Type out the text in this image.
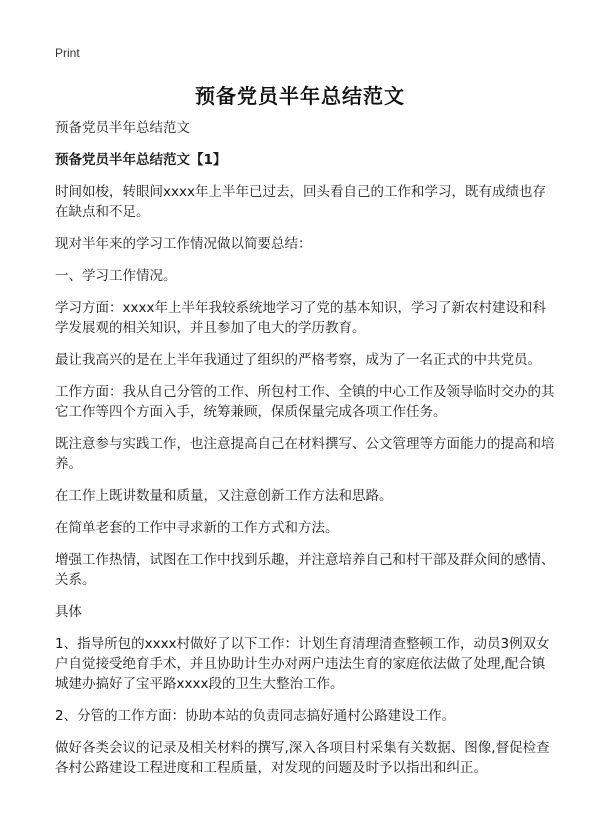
Print
预备党员半年总结范文

预备党员半年总结范文

预备党员半年总结范文【1】

时间如梭，转眼间xxxx年上半年已过去，回头看自己的工作和学习，既有成绩也存在缺点和不足。

现对半年来的学习工作情况做以简要总结：

一、学习工作情况。

学习方面：xxxx年上半年我较系统地学习了党的基本知识，学习了新农村建设和科学发展观的相关知识，并且参加了电大的学历教育。

最让我高兴的是在上半年我通过了组织的严格考察，成为了一名正式的中共党员。

工作方面：我从自己分管的工作、所包村工作、全镇的中心工作及领导临时交办的其它工作等四个方面入手，统筹兼顾，保质保量完成各项工作任务。

既注意参与实践工作，也注意提高自己在材料撰写、公文管理等方面能力的提高和培养。

在工作上既讲数量和质量，又注意创新工作方法和思路。

在简单老套的工作中寻求新的工作方式和方法。

增强工作热情，试图在工作中找到乐趣，并注意培养自己和村干部及群众间的感情、关系。

具体

1、指导所包的xxxx村做好了以下工作：计划生育清理清查整顿工作，动员3例双女户自觉接受绝育手术，并且协助计生办对两户违法生育的家庭依法做了处理,配合镇城建办搞好了宝平路xxxx段的卫生大整治工作。

2、分管的工作方面：协助本站的负责同志搞好通村公路建设工作。

做好各类会议的记录及相关材料的撰写,深入各项目村采集有关数据、图像,督促检查各村公路建设工程进度和工程质量，对发现的问题及时予以指出和纠正。
